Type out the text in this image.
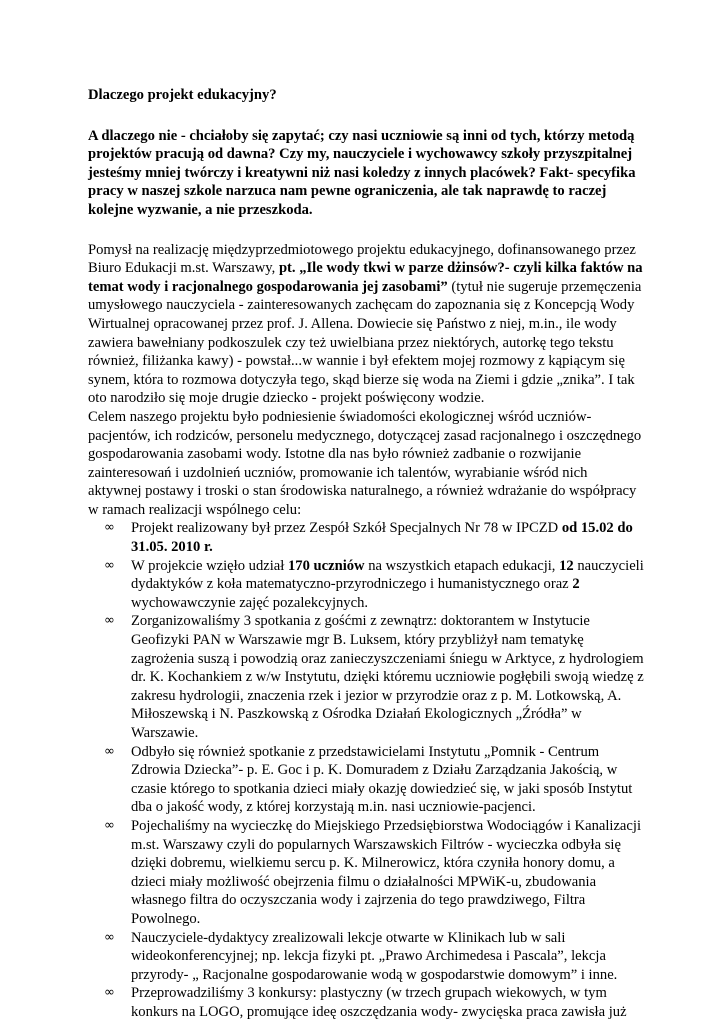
Dlaczego projekt edukacyjny?

A dlaczego nie - chciałoby się zapytać; czy nasi uczniowie są inni od tych, którzy metodą projektów pracują od dawna? Czy my, nauczyciele i wychowawcy szkoły przyszpitalnej jesteśmy mniej twórczy i kreatywni niż nasi koledzy z innych placówek? Fakt- specyfika pracy w naszej szkole narzuca nam pewne ograniczenia, ale tak naprawdę to raczej kolejne wyzwanie, a nie przeszkoda.

Pomysł na realizację międzyprzedmiotowego projektu edukacyjnego, dofinansowanego przez Biuro Edukacji m.st. Warszawy, pt. „Ile wody tkwi w parze dżinsów?- czyli kilka faktów na temat wody i racjonalnego gospodarowania jej zasobami” (tytuł nie sugeruje przemęczenia umysłowego nauczyciela - zainteresowanych zachęcam do zapoznania się z Koncepcją Wody Wirtualnej opracowanej przez prof. J. Allena. Dowiecie się Państwo z niej, m.in., ile wody zawiera bawełniany podkoszulek czy też uwielbiana przez niektórych, autorkę tego tekstu również, filiżanka kawy) - powstał...w wannie i był efektem mojej rozmowy z kąpiącym się synem, która to rozmowa dotyczyła tego, skąd bierze się woda na Ziemi i gdzie „znika”. I tak oto narodziło się moje drugie dziecko - projekt poświęcony wodzie.

Celem naszego projektu było podniesienie świadomości ekologicznej wśród uczniów-pacjentów, ich rodziców, personelu medycznego, dotyczącej zasad racjonalnego i oszczędnego gospodarowania zasobami wody. Istotne dla nas było również zadbanie o rozwijanie zainteresowań i uzdolnień uczniów, promowanie ich talentów, wyrabianie wśród nich aktywnej postawy i troski o stan środowiska naturalnego, a również wdrażanie do współpracy w ramach realizacji wspólnego celu:

∞ Projekt realizowany był przez Zespół Szkół Specjalnych Nr 78 w IPCZD od 15.02 do 31.05. 2010 r.
∞ W projekcie wzięło udział 170 uczniów na wszystkich etapach edukacji, 12 nauczycieli dydaktyków z koła matematyczno-przyrodniczego i humanistycznego oraz 2 wychowawczynie zajęć pozalekcyjnych.
∞ Zorganizowaliśmy 3 spotkania z gośćmi z zewnątrz: doktorantem w Instytucie Geofizyki PAN w Warszawie mgr B. Luksem, który przybliżył nam tematykę zagrożenia suszą i powodzią oraz zanieczyszczeniami śniegu w Arktyce, z hydrologiem dr. K. Kochankiem z w/w Instytutu, dzięki któremu uczniowie pogłębili swoją wiedzę z zakresu hydrologii, znaczenia rzek i jezior w przyrodzie oraz z p. M. Lotkowską, A. Miłoszewską i N. Paszkowską z Ośrodka Działań Ekologicznych „Źródła” w Warszawie.
∞ Odbyło się również spotkanie z przedstawicielami Instytutu „Pomnik - Centrum Zdrowia Dziecka”- p. E. Goc i p. K. Domuradem z Działu Zarządzania Jakością, w czasie którego to spotkania dzieci miały okazję dowiedzieć się, w jaki sposób Instytut dba o jakość wody, z której korzystają m.in. nasi uczniowie-pacjenci.
∞ Pojechaliśmy na wycieczkę do Miejskiego Przedsiębiorstwa Wodociągów i Kanalizacji m.st. Warszawy czyli do popularnych Warszawskich Filtrów - wycieczka odbyła się dzięki dobremu, wielkiemu sercu p. K. Milnerowicz, która czyniła honory domu, a dzieci miały możliwość obejrzenia filmu o działalności MPWiK-u, zbudowania własnego filtra do oczyszczania wody i zajrzenia do tego prawdziwego, Filtra Powolnego.
∞ Nauczyciele-dydaktycy zrealizowali lekcje otwarte w Klinikach lub w sali wideokonferencyjnej; np. lekcja fizyki pt. „Prawo Archimedesa i Pascala”, lekcja przyrody- „ Racjonalne gospodarowanie wodą w gospodarstwie domowym” i inne.
∞ Przeprowadziliśmy 3 konkursy: plastyczny (w trzech grupach wiekowych, w tym konkurs na LOGO, promujące ideę oszczędzania wody- zwycięska praca zawisła już
